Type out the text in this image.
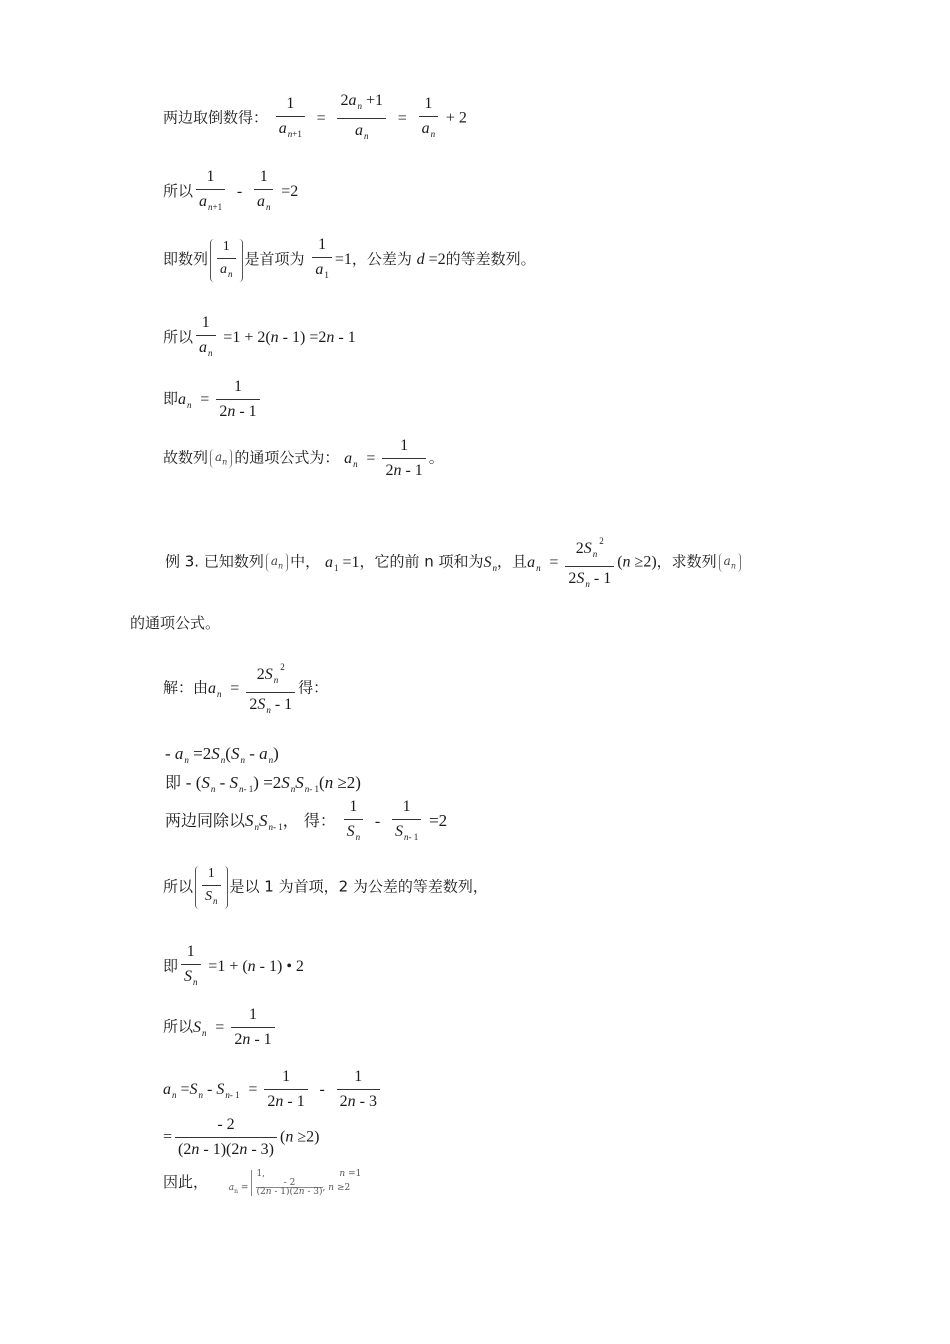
两边取倒数得： $\frac{1}{a_{n+1}} = \frac{2a_n +1}{a_n} = \frac{1}{a_n} + 2$
所以 $\frac{1}{a_{n+1}} - \frac{1}{a_n} =2$
即数列 $\frac{1}{a_n}$ 是首项为 $\frac{1}{a_1} =1$，公差为 d =2的等差数列。
所以 $\frac{1}{a_n} =1 + 2(n - 1) =2n - 1$
即$a_n = \frac{1}{2n - 1}$
故数列 $a_n$ 的通项公式为： $a_n = \frac{1}{2n - 1}$ 。
例 3. 已知数列 $a_n$ 中， $a_1 =1$，它的前 n 项和为$S_n$，且$a_n = \frac{2S_n^2}{2S_n - 1} (n \ge 2)$，求数列 $a_n$
的通项公式。
解：由$a_n = \frac{2S_n^2}{2S_n - 1}$ 得：
- $a_n =2S_n(S_n - a_n)$
即 - $(S_n - S_{n- 1}) =2S_nS_{n- 1}(n \ge 2)$
两边同除以$S_nS_{n- 1}$， 得： $\frac{1}{S_n} - \frac{1}{S_{n- 1}} =2$
所以 $\frac{1}{S_n}$ 是以 1 为首项，2 为公差的等差数列，
即 $\frac{1}{S_n} =1 + (n - 1)$ • 2
所以$S_n = \frac{1}{2n - 1}$
$a_n =S_n - S_{n- 1} = \frac{1}{2n - 1} - \frac{1}{2n - 3}$
= $\frac{- 2}{(2n - 1)(2n - 3)} (n \ge 2)$
因此， $a_n$ =
1,                          n =1
$\frac{- 2}{(2n - 1)(2n - 3)}$ , n ≥2
